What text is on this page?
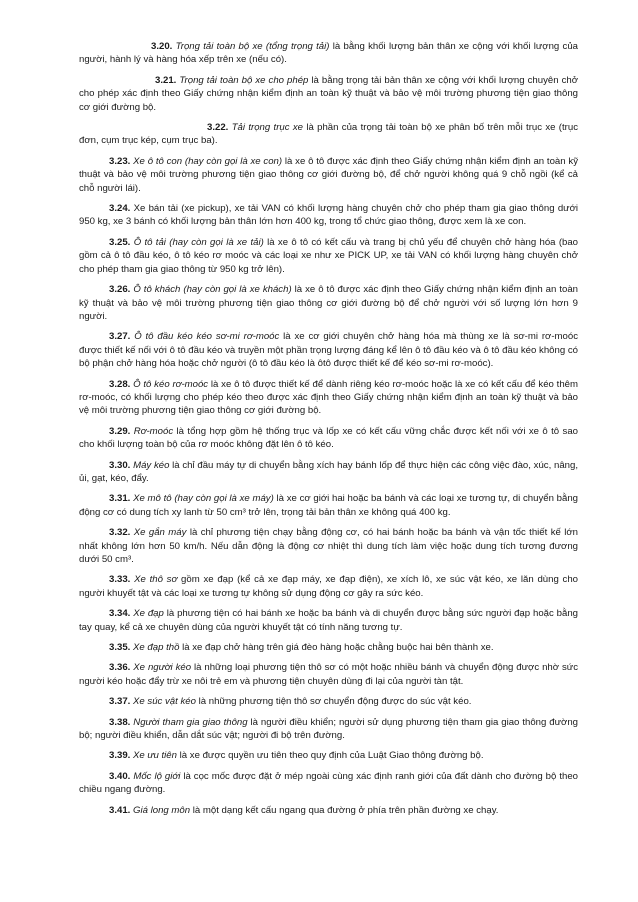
3.20. Trọng tải toàn bộ xe (tổng trọng tải) là bằng khối lượng bản thân xe cộng với khối lượng của người, hành lý và hàng hóa xếp trên xe (nếu có).

3.21. Trọng tải toàn bộ xe cho phép là bằng trọng tải bản thân xe cộng với khối lượng chuyên chở cho phép xác định theo Giấy chứng nhận kiểm định an toàn kỹ thuật và bảo vệ môi trường phương tiện giao thông cơ giới đường bộ.

3.22. Tải trọng trục xe là phần của trọng tải toàn bộ xe phân bố trên mỗi trục xe (trục đơn, cụm trục kép, cụm trục ba).

3.23. Xe ô tô con (hay còn gọi là xe con) là xe ô tô được xác định theo Giấy chứng nhận kiểm định an toàn kỹ thuật và bảo vệ môi trường phương tiện giao thông cơ giới đường bộ, để chở người không quá 9 chỗ ngồi (kể cả chỗ người lái).

3.24. Xe bán tải (xe pickup), xe tải VAN có khối lượng hàng chuyên chở cho phép tham gia giao thông dưới 950 kg, xe 3 bánh có khối lượng bản thân lớn hơn 400 kg, trong tổ chức giao thông, được xem là xe con.

3.25. Ô tô tải (hay còn gọi là xe tải) là xe ô tô có kết cấu và trang bị chủ yếu để chuyên chở hàng hóa (bao gồm cả ô tô đầu kéo, ô tô kéo rơ moóc và các loại xe như xe PICK UP, xe tải VAN có khối lượng hàng chuyên chở cho phép tham gia giao thông từ 950 kg trở lên).

3.26. Ô tô khách (hay còn gọi là xe khách) là xe ô tô được xác định theo Giấy chứng nhận kiểm định an toàn kỹ thuật và bảo vệ môi trường phương tiện giao thông cơ giới đường bộ để chở người với số lượng lớn hơn 9 người.

3.27. Ô tô đầu kéo kéo sơ-mi rơ-moóc là xe cơ giới chuyên chở hàng hóa mà thùng xe là sơ-mi rơ-moóc được thiết kế nối với ô tô đầu kéo và truyền một phần trọng lượng đáng kể lên ô tô đầu kéo và ô tô đầu kéo không có bộ phận chở hàng hóa hoặc chở người (ô tô đầu kéo là ôtô được thiết kế để kéo sơ-mi rơ-moóc).

3.28. Ô tô kéo rơ-moóc là xe ô tô được thiết kế để dành riêng kéo rơ-moóc hoặc là xe có kết cấu để kéo thêm rơ-moóc, có khối lượng cho phép kéo theo được xác định theo Giấy chứng nhận kiểm định an toàn kỹ thuật và bảo vệ môi trường phương tiện giao thông cơ giới đường bộ.

3.29. Rơ-moóc là tổng hợp gồm hệ thống trục và lốp xe có kết cấu vững chắc được kết nối với xe ô tô sao cho khối lượng toàn bộ của rơ moóc không đặt lên ô tô kéo.

3.30. Máy kéo là chỉ đầu máy tự di chuyển bằng xích hay bánh lốp để thực hiện các công việc đào, xúc, nâng, ủi, gạt, kéo, đẩy.

3.31. Xe mô tô (hay còn gọi là xe máy) là xe cơ giới hai hoặc ba bánh và các loại xe tương tự, di chuyển bằng động cơ có dung tích xy lanh từ 50 cm³ trở lên, trọng tải bản thân xe không quá 400 kg.

3.32. Xe gắn máy là chỉ phương tiện chạy bằng động cơ, có hai bánh hoặc ba bánh và vận tốc thiết kế lớn nhất không lớn hơn 50 km/h. Nếu dẫn động là động cơ nhiệt thì dung tích làm việc hoặc dung tích tương đương dưới 50 cm³.

3.33. Xe thô sơ gồm xe đạp (kể cả xe đạp máy, xe đạp điện), xe xích lô, xe súc vật kéo, xe lăn dùng cho người khuyết tật và các loại xe tương tự không sử dụng động cơ gây ra sức kéo.

3.34. Xe đạp là phương tiện có hai bánh xe hoặc ba bánh và di chuyển được bằng sức người đạp hoặc bằng tay quay, kể cả xe chuyên dùng của người khuyết tật có tính năng tương tự.

3.35. Xe đạp thồ là xe đạp chở hàng trên giá đèo hàng hoặc chằng buộc hai bên thành xe.

3.36. Xe người kéo là những loại phương tiện thô sơ có một hoặc nhiều bánh và chuyển động được nhờ sức người kéo hoặc đẩy trừ xe nôi trẻ em và phương tiện chuyên dùng đi lại của người tàn tật.

3.37. Xe súc vật kéo là những phương tiện thô sơ chuyển động được do súc vật kéo.

3.38. Người tham gia giao thông là người điều khiển; người sử dụng phương tiện tham gia giao thông đường bộ; người điều khiển, dẫn dắt súc vật; người đi bộ trên đường.

3.39. Xe ưu tiên là xe được quyền ưu tiên theo quy định của Luật Giao thông đường bộ.

3.40. Mốc lộ giới là cọc mốc được đặt ở mép ngoài cùng xác định ranh giới của đất dành cho đường bộ theo chiều ngang đường.

3.41. Giá long môn là một dạng kết cấu ngang qua đường ở phía trên phần đường xe chạy.
